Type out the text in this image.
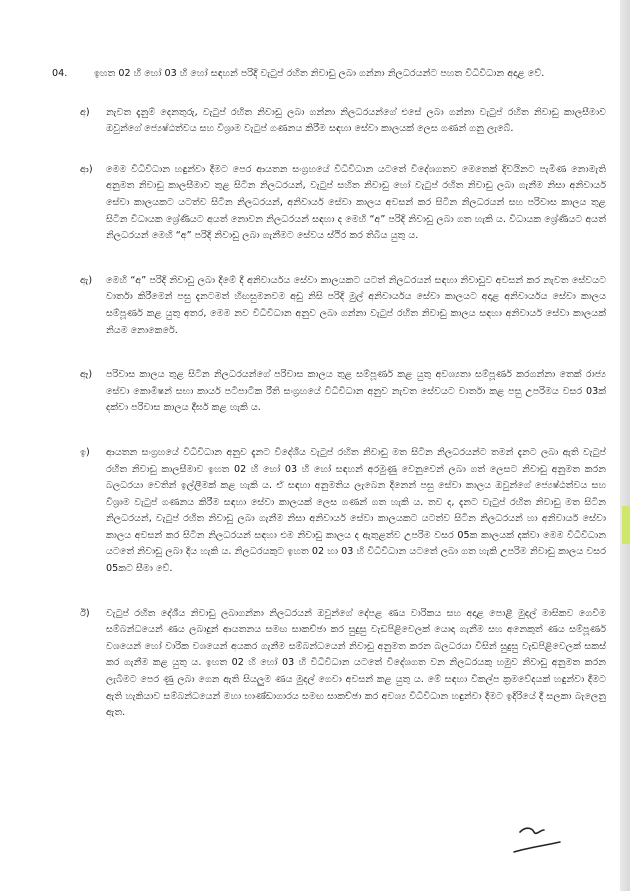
04.	ඉහත 02 හි හෝ 03 හි හෝ සඳහන් පරිදි වැටුප් රහිත නිවාඩු ලබා ගන්නා නිලධරයන්ට පහත විධිවිධාන අදාළ වේ.
අ)	නැවත දැනුම් දෙනතුරු, වැටුප් රහිත නිවාඩු ලබා ගන්නා නිලධරයන්ගේ එසේ ලබා ගන්නා වැටුප් රහිත නිවාඩු කාලසීමාව ඔවුන්ගේ ජ්‍යෙෂ්ඨත්වය සහ විශ්‍රාම වැටුප් ගණනය කිරීම සඳහා සේවා කාලයක් ලෙස ගණන් ගනු ලැබේ.
ආ)	මෙම විධිවිධාන හඳුන්වා දීමට පෙර ආයතන සංග්‍රහයේ විධිවිධාන යටතේ විදේශගතව මෙතෙක් දිවයිනට පැමිණ නොමැති අනුමත නිවාඩු කාලසීමාව තුළ සිටින නිලධරයන්, වැටුප් සහිත නිවාඩු හෝ වැටුප් රහිත නිවාඩු ලබා ගැනීම නිසා අනිවාර්ය සේවා කාලයකට යටත්ව සිටින නිලධරයන්, අනිවාර්ය සේවා කාලය අවසන් කර සිටින නිලධරයන් සහ පරිවාස කාලය තුළ සිටින විධායක ශ්‍රේණියට අයත් නොවන නිලධරයන් සඳහා ද මෙහි “අ” පරිදි නිවාඩු ලබා ගත හැකි ය. විධායක ශ්‍රේණියට අයත් නිලධරයන් මෙහි “අ” පරිදි නිවාඩු ලබා ගැනීමට සේවය ස්ථිර කර තිබිය යුතු ය.
ඇ)	මෙහි “අ” පරිදි නිවාඩු ලබා දීමේ දී අනිවාර්යය සේවා කාලයකට යටත් නිලධරයන් සඳහා නිවාඩුව අවසන් කර නැවත සේවයට වාර්තා කිරීමෙන් පසු දැනටමත් හිඟසුමනවම අඩු නිසි පරිදි මුල් අනිවාර්යය සේවා කාලයට අදාළ අනිවාර්යය සේවා කාලය සම්පූර්ණ කළ යුතු අතර, මෙම නව විධිවිධාන අනුව ලබා ගන්නා වැටුප් රහිත නිවාඩු කාලය සඳහා අනිවාර්ය සේවා කාලයක් නියම නොකෙරේ.
ඈ)	පරිවාස කාලය තුළ සිටින නිලධරයන්ගේ පරිවාස කාලය තුළ සම්පූර්ණ කළ යුතු අවශ්‍යතා සම්පූර්ණ කරගන්නා තෙක් රාජ්‍ය සේවා කොමිෂන් සභා කාර්ය පටිපාටික රීති සංග්‍රහයේ විධිවිධාන අනුව නැවත සේවයට වාර්තා කළ පසු උපරිමය වසර 03ක් දක්වා පරිවාස කාලය දීර්ඝ කළ හැකි ය.
ඉ)	ආයතන සංග්‍රහයේ විධිවිධාන අනුව දැනට විදේශීය වැටුප් රහිත නිවාඩු මත සිටින නිලධරයන්ට තමන් දැනට ලබා ඇති වැටුප් රහිත නිවාඩු කාලසීමාව ඉහත 02 හි හෝ 03 හි හෝ සඳහන් අරමුණු වෙනුවෙන් ලබා ගත් ලෙසට නිවාඩු අනුමත කරන බලධරයා වෙතින් ඉල්ලීමක් කළ හැකි ය. ඒ සඳහා අනුමතිය ලැබෙන දිනෙන් පසු සේවා කාලය ඔවුන්ගේ ජ්‍යෙෂ්ඨත්වය සහ විශ්‍රාම වැටුප් ගණනය කිරීම සඳහා සේවා කාලයක් ලෙස ගණන් ගත හැකි ය. තව ද, දැනට වැටුප් රහිත නිවාඩු මත සිටින නිලධරයන්, වැටුප් රහිත නිවාඩු ලබා ගැනීම නිසා අනිවාර්ය සේවා කාලයකට යටත්ව සිටින නිලධරයන් හා අනිවාර්ය සේවා කාලය අවසන් කර සිටින නිලධරයන් සඳහා එම නිවාඩු කාලය ද ඇතුළත්ව උපරිම වසර 05ක කාලයක් දක්වා මෙම විධිවිධාන යටතේ නිවාඩු ලබා දිය හැකි ය. නිලධරයකුට ඉහත 02 හා 03 හි විධිවිධාන යටතේ ලබා ගත හැකි උපරිම නිවාඩු කාලය වසර 05කට සීමා වේ.
ඊ)	වැටුප් රහිත දේශීය නිවාඩු ලබාගන්නා නිලධරයන් ඔවුන්ගේ දේපළ ණය වාරිකය සහ අදාළ පොළී මුදල් මාසිකව ගෙවීම සම්බන්ධයෙන් ණය ලබාදුන් ආයතනය සමඟ සාකච්ඡා කර සුදුසු වැඩපිළිවෙලක් යොදා ගැනීම සහ අනෙකුත් ණය සම්පූර්ණ වශයෙන් හෝ වාරික වශයෙන් අයකර ගැනීම සම්බන්ධයෙන් නිවාඩු අනුමත කරන බලධරයා විසින් සුදුසු වැඩපිළිවෙලක් සකස් කර ගැනීම කළ යුතු ය. ඉහත 02 හි හෝ 03 හි විධිවිධාන යටතේ විදේශගත වන නිලධරයකු හමුව නිවාඩු අනුමත කරන ලැබීමට පෙර ණු ලබා ගෙන ඇති සියලුම ණය මුදල් ගෙවා අවසන් කළ යුතු ය. මේ සඳහා විකල්ප ක්‍රමවේදයක් හඳුන්වා දීමට ඇති හැකියාව සම්බන්ධයෙන් මහා භාණ්ඩාගාරය සමඟ සාකච්ඡා කර අවශ්‍ය විධිවිධාන හඳුන්වා දීමට ඉදිරියේ දී සලකා බැලෙනු ඇත.
